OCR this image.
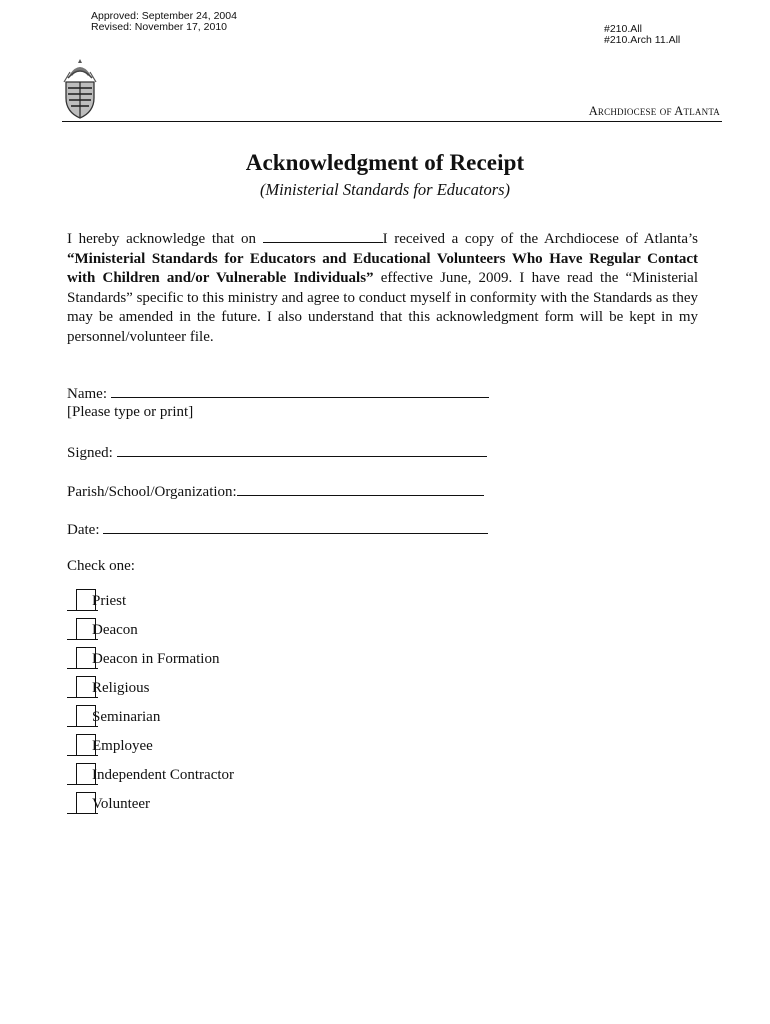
Approved: September 24, 2004
Revised: November 17, 2010	#210.All
#210.Arch 11.All
Archdiocese of Atlanta
Acknowledgment of Receipt
(Ministerial Standards for Educators)

I hereby acknowledge that on	I received a copy of the Archdiocese of Atlanta’s “Ministerial Standards for Educators and Educational Volunteers Who Have Regular Contact with Children and/or Vulnerable Individuals” effective June, 2009. I have read the “Ministerial Standards” specific to this ministry and agree to conduct myself in conformity with the Standards as they may be amended in the future. I also understand that this acknowledgment form will be kept in my personnel/volunteer file.

Name:
[Please type or print]
Signed:
Parish/School/Organization:
Date:
Check one:
Priest
Deacon
Deacon in Formation
Religious
Seminarian
Employee
Independent Contractor
Volunteer
